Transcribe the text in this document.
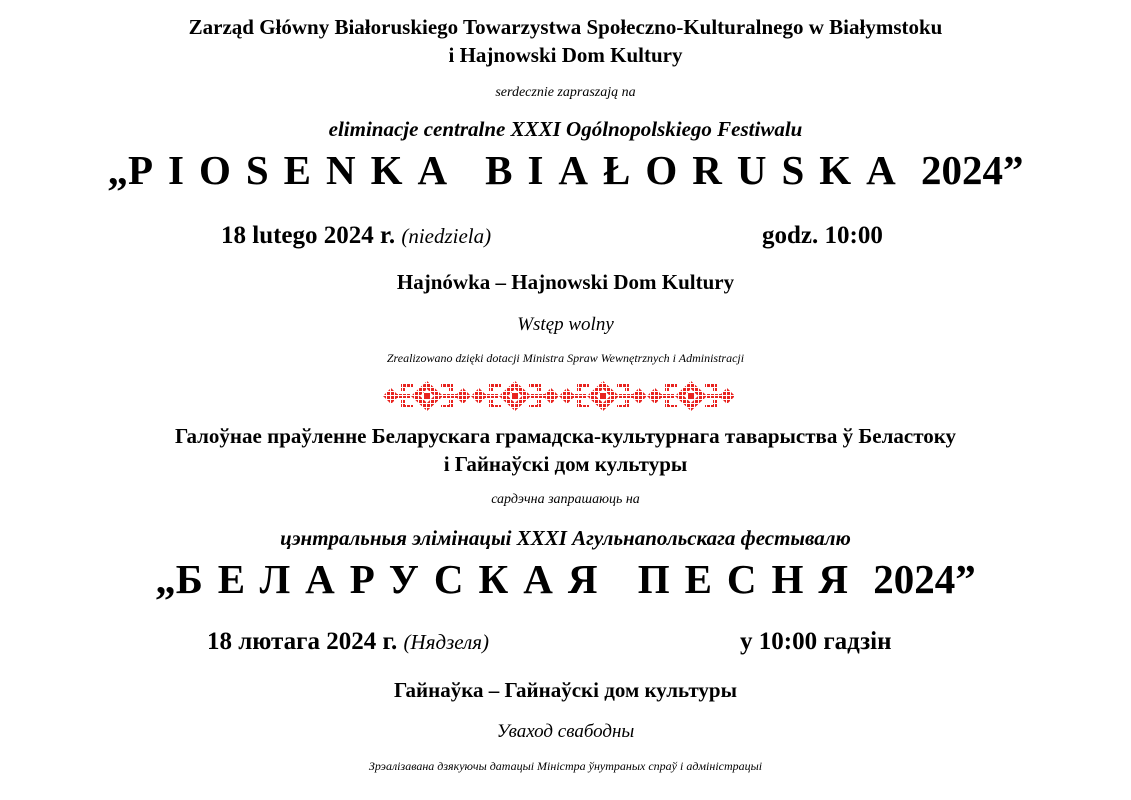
Zarząd Główny Białoruskiego Towarzystwa Społeczno-Kulturalnego w Białymstoku

i Hajnowski Dom Kultury

serdecznie zapraszają na

eliminacje centralne XXXI Ogólnopolskiego Festiwalu

„PIOSENKA BIAŁORUSKA 2024”

18 lutego 2024 r. (niedziela)	godz. 10:00

Hajnówka – Hajnowski Dom Kultury

Wstęp wolny

Zrealizowano dzięki dotacji Ministra Spraw Wewnętrznych i Administracji

Галоўнае праўленне Беларускага грамадска-культурнага таварыства ў Беластоку

і Гайнаўскі дом культуры

сардэчна запрашаюць на

цэнтральныя элімінацыі XXXI Агульнапольскага фестывалю

„БЕЛАРУСКАЯ ПЕСНЯ 2024”

18 лютага 2024 г. (Нядзеля)	у 10:00 гадзін

Гайнаўка – Гайнаўскі дом культуры

Уваход свабодны

Зрэалізавана дзякуючы датацыі Міністра ўнутраных спраў і адміністрацыі
